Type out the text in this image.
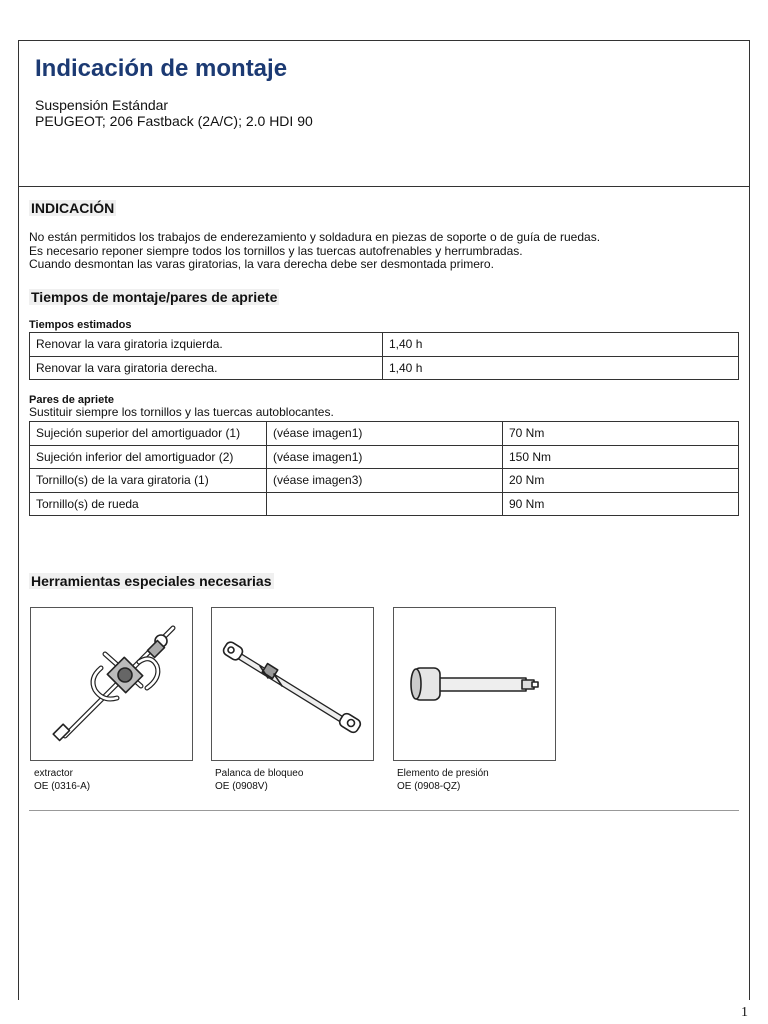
Indicación de montaje
Suspensión Estándar
PEUGEOT; 206 Fastback (2A/C); 2.0 HDI 90
INDICACIÓN
No están permitidos los trabajos de enderezamiento y soldadura en piezas de soporte o de guía de ruedas.
Es necesario reponer siempre todos los tornillos y las tuercas autofrenables y herrumbradas.
Cuando desmontan las varas giratorias, la vara derecha debe ser desmontada primero.
Tiempos de montaje/pares de apriete
Tiempos estimados
Renovar la vara giratoria izquierda.	1,40 h
Renovar la vara giratoria derecha.	1,40 h
Pares de apriete
Sustituir siempre los tornillos y las tuercas autoblocantes.
Sujeción superior del amortiguador (1)	(véase imagen1)	70 Nm
Sujeción inferior del amortiguador (2)	(véase imagen1)	150 Nm
Tornillo(s) de la vara giratoria (1)	(véase imagen3)	20 Nm
Tornillo(s) de rueda		90 Nm
Herramientas especiales necesarias
extractor
OE (0316-A)
Palanca de bloqueo
OE (0908V)
Elemento de presión
OE (0908-QZ)
1
